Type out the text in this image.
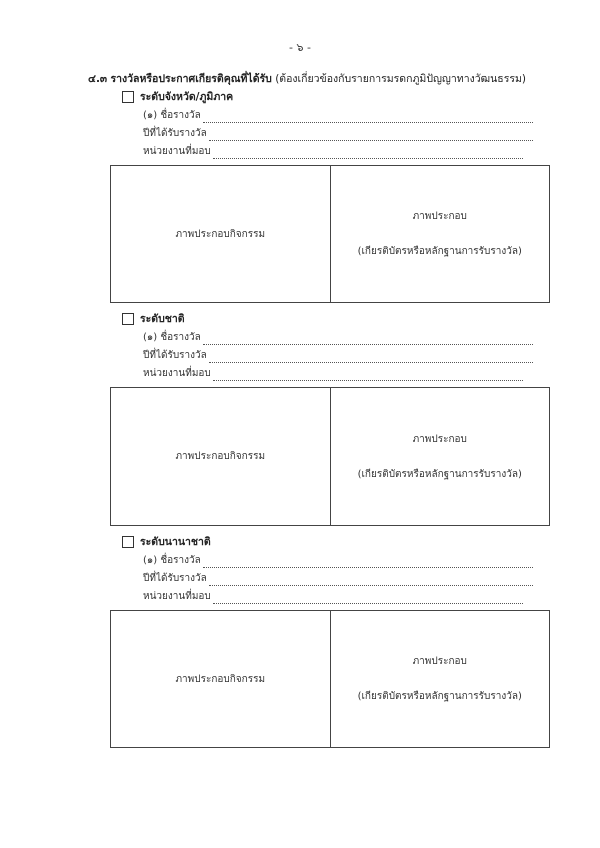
- ๖ -
๔.๓ รางวัลหรือประกาศเกียรติคุณที่ได้รับ (ต้องเกี่ยวข้องกับรายการมรดกภูมิปัญญาทางวัฒนธรรม)
ระดับจังหวัด/ภูมิภาค
(๑) ชื่อรางวัล
ปีที่ได้รับรางวัล
หน่วยงานที่มอบ
ภาพประกอบกิจกรรม
ภาพประกอบ
(เกียรติบัตรหรือหลักฐานการรับรางวัล)
ระดับชาติ
(๑) ชื่อรางวัล
ปีที่ได้รับรางวัล
หน่วยงานที่มอบ
ภาพประกอบกิจกรรม
ภาพประกอบ
(เกียรติบัตรหรือหลักฐานการรับรางวัล)
ระดับนานาชาติ
(๑) ชื่อรางวัล
ปีที่ได้รับรางวัล
หน่วยงานที่มอบ
ภาพประกอบกิจกรรม
ภาพประกอบ
(เกียรติบัตรหรือหลักฐานการรับรางวัล)
